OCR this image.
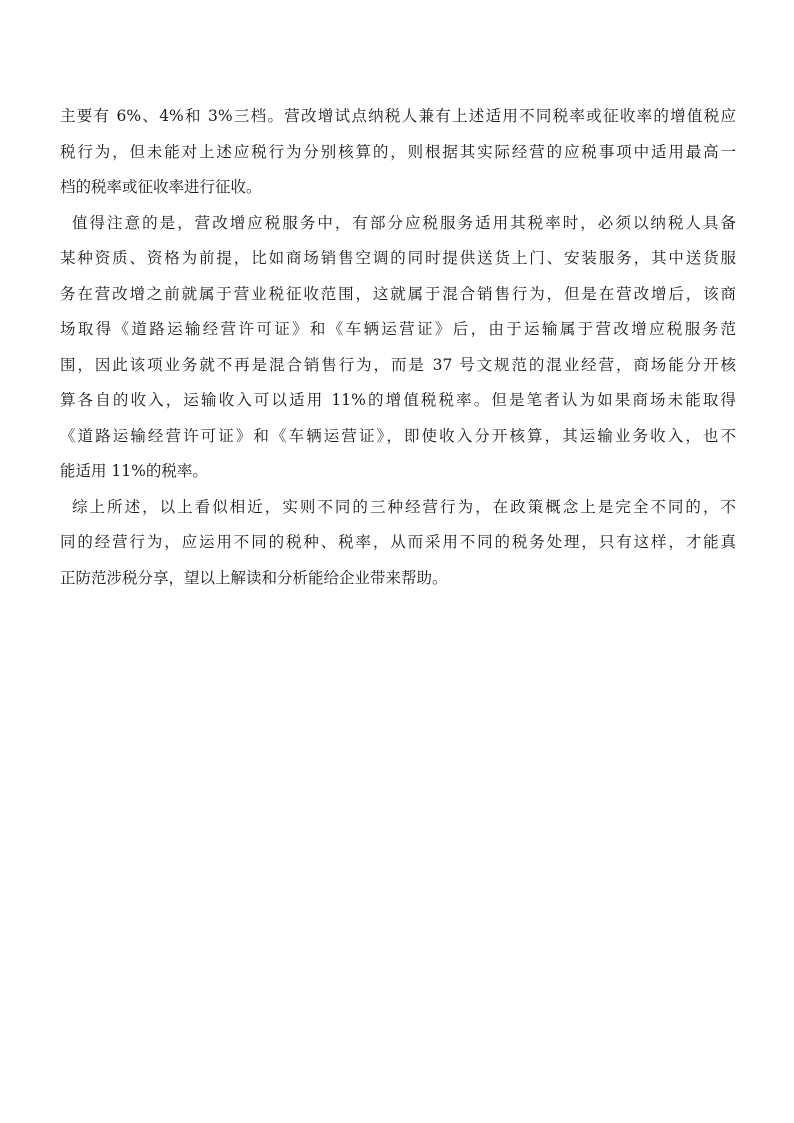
主要有 6%、4%和 3%三档。营改增试点纳税人兼有上述适用不同税率或征收率的增值税应

税行为，但未能对上述应税行为分别核算的，则根据其实际经营的应税事项中适用最高一

档的税率或征收率进行征收。

值得注意的是，营改增应税服务中，有部分应税服务适用其税率时，必须以纳税人具备

某种资质、资格为前提，比如商场销售空调的同时提供送货上门、安装服务，其中送货服

务在营改增之前就属于营业税征收范围，这就属于混合销售行为，但是在营改增后，该商

场取得《道路运输经营许可证》和《车辆运营证》后，由于运输属于营改增应税服务范

围，因此该项业务就不再是混合销售行为，而是 37 号文规范的混业经营，商场能分开核

算各自的收入，运输收入可以适用 11%的增值税税率。但是笔者认为如果商场未能取得

《道路运输经营许可证》和《车辆运营证》，即使收入分开核算，其运输业务收入，也不

能适用 11%的税率。

综上所述，以上看似相近，实则不同的三种经营行为，在政策概念上是完全不同的，不

同的经营行为，应运用不同的税种、税率，从而采用不同的税务处理，只有这样，才能真

正防范涉税分享，望以上解读和分析能给企业带来帮助。
